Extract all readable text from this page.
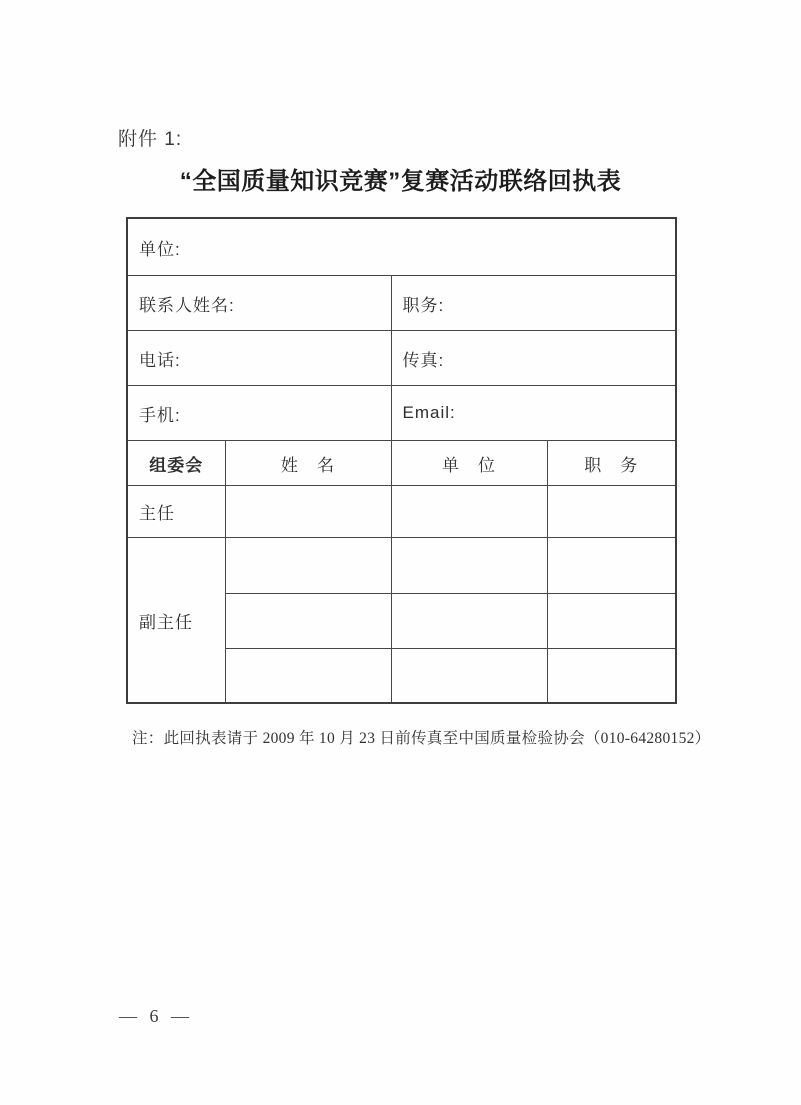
附件 1:
“全国质量知识竞赛”复赛活动联络回执表
单位:			
联系人姓名:		职务:	
电话:		传真:	
手机:		Email:	
组委会	姓　名	单　位	职　务
主任			
副主任			

注：此回执表请于 2009 年 10 月 23 日前传真至中国质量检验协会（010-64280152）
— 6 —
